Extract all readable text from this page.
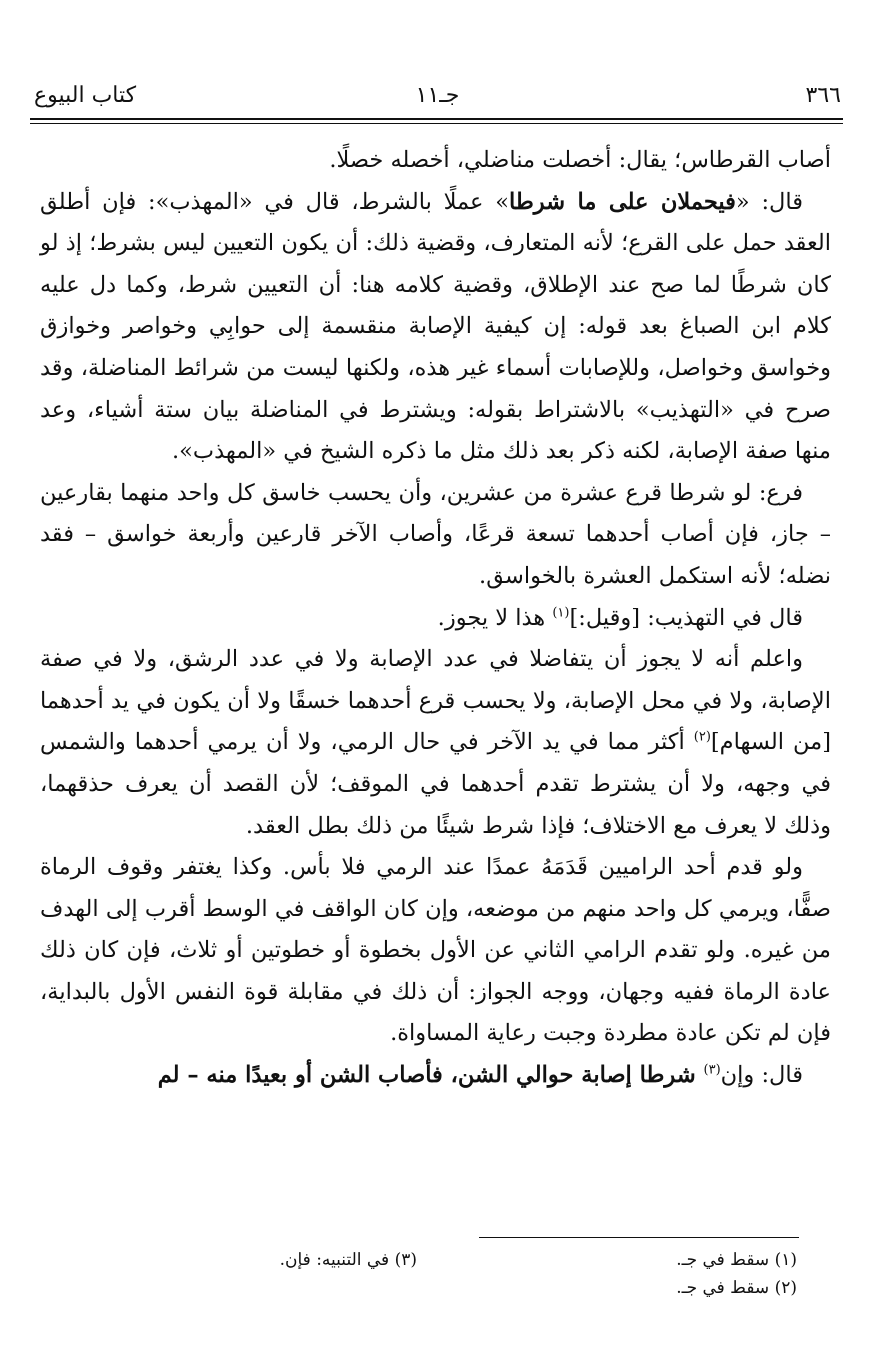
٣٦٦
جـ١١
كتاب البيوع

أصاب القرطاس؛ يقال: أخصلت مناضلي، أخصله خصلًا.

قال: «فيحملان على ما شرطا» عملًا بالشرط، قال في «المهذب»: فإن أطلق العقد حمل على القرع؛ لأنه المتعارف، وقضية ذلك: أن يكون التعيين ليس بشرط؛ إذ لو كان شرطًا لما صح عند الإطلاق، وقضية كلامه هنا: أن التعيين شرط، وكما دل عليه كلام ابن الصباغ بعد قوله: إن كيفية الإصابة منقسمة إلى حوابِي وخواصر وخوازق وخواسق وخواصل، وللإصابات أسماء غير هذه، ولكنها ليست من شرائط المناضلة، وقد صرح في «التهذيب» بالاشتراط بقوله: ويشترط في المناضلة بيان ستة أشياء، وعد منها صفة الإصابة، لكنه ذكر بعد ذلك مثل ما ذكره الشيخ في «المهذب».

فرع: لو شرطا قرع عشرة من عشرين، وأن يحسب خاسق كل واحد منهما بقارعين – جاز، فإن أصاب أحدهما تسعة قرعًا، وأصاب الآخر قارعين وأربعة خواسق – فقد نضله؛ لأنه استكمل العشرة بالخواسق.

قال في التهذيب: [وقيل:]$^{(١)}$ هذا لا يجوز.

واعلم أنه لا يجوز أن يتفاضلا في عدد الإصابة ولا في عدد الرشق، ولا في صفة الإصابة، ولا في محل الإصابة، ولا يحسب قرع أحدهما خسقًا ولا أن يكون في يد أحدهما [من السهام]$^{(٢)}$ أكثر مما في يد الآخر في حال الرمي، ولا أن يرمي أحدهما والشمس في وجهه، ولا أن يشترط تقدم أحدهما في الموقف؛ لأن القصد أن يعرف حذقهما، وذلك لا يعرف مع الاختلاف؛ فإذا شرط شيئًا من ذلك بطل العقد.

ولو قدم أحد الراميين قَدَمَهُ عمدًا عند الرمي فلا بأس. وكذا يغتفر وقوف الرماة صفًّا، ويرمي كل واحد منهم من موضعه، وإن كان الواقف في الوسط أقرب إلى الهدف من غيره. ولو تقدم الرامي الثاني عن الأول بخطوة أو خطوتين أو ثلاث، فإن كان ذلك عادة الرماة ففيه وجهان، ووجه الجواز: أن ذلك في مقابلة قوة النفس الأول بالبداية، فإن لم تكن عادة مطردة وجبت رعاية المساواة.

قال: وإن$^{(٣)}$ شرطا إصابة حوالي الشن، فأصاب الشن أو بعيدًا منه – لم

(١) سقط في جـ.
(٣) في التنبيه: فإن.
(٢) سقط في جـ.
